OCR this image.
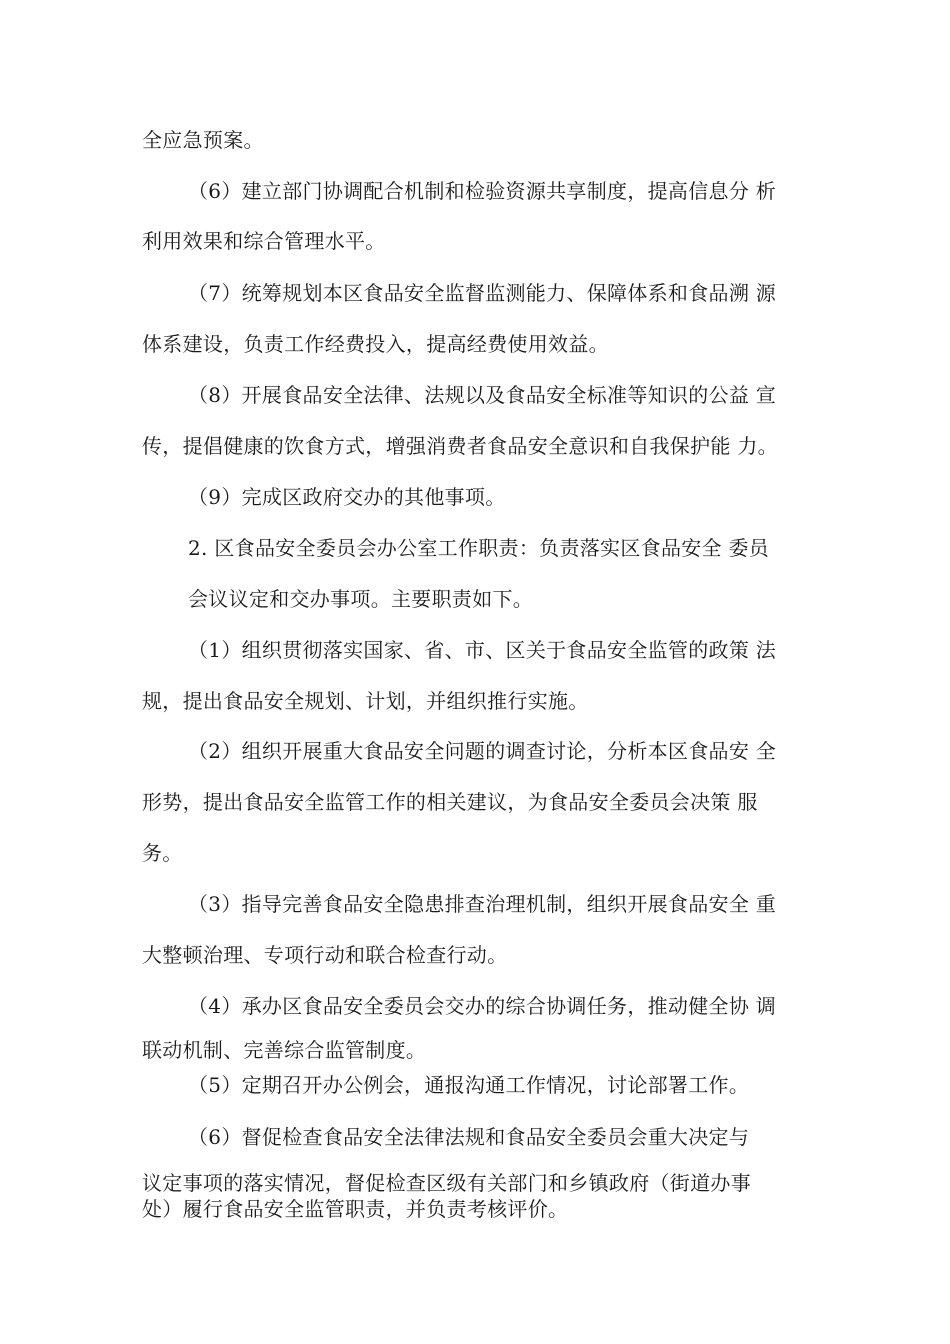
全应急预案。
（6）建立部门协调配合机制和检验资源共享制度，提高信息分 析
利用效果和综合管理水平。
（7）统筹规划本区食品安全监督监测能力、保障体系和食品溯 源
体系建设，负责工作经费投入，提高经费使用效益。
（8）开展食品安全法律、法规以及食品安全标准等知识的公益 宣
传，提倡健康的饮食方式，增强消费者食品安全意识和自我保护能 力。
（9）完成区政府交办的其他事项。
2. 区食品安全委员会办公室工作职责：负责落实区食品安全 委员
会议议定和交办事项。主要职责如下。
（1）组织贯彻落实国家、省、市、区关于食品安全监管的政策 法
规，提出食品安全规划、计划，并组织推行实施。
（2）组织开展重大食品安全问题的调查讨论，分析本区食品安 全
形势，提出食品安全监管工作的相关建议，为食品安全委员会决策 服
务。
（3）指导完善食品安全隐患排查治理机制，组织开展食品安全 重
大整顿治理、专项行动和联合检查行动。
（4）承办区食品安全委员会交办的综合协调任务，推动健全协 调
联动机制、完善综合监管制度。
（5）定期召开办公例会，通报沟通工作情况，讨论部署工作。
（6）督促检查食品安全法律法规和食品安全委员会重大决定与
议定事项的落实情况，督促检查区级有关部门和乡镇政府（街道办事
处）履行食品安全监管职责，并负责考核评价。
